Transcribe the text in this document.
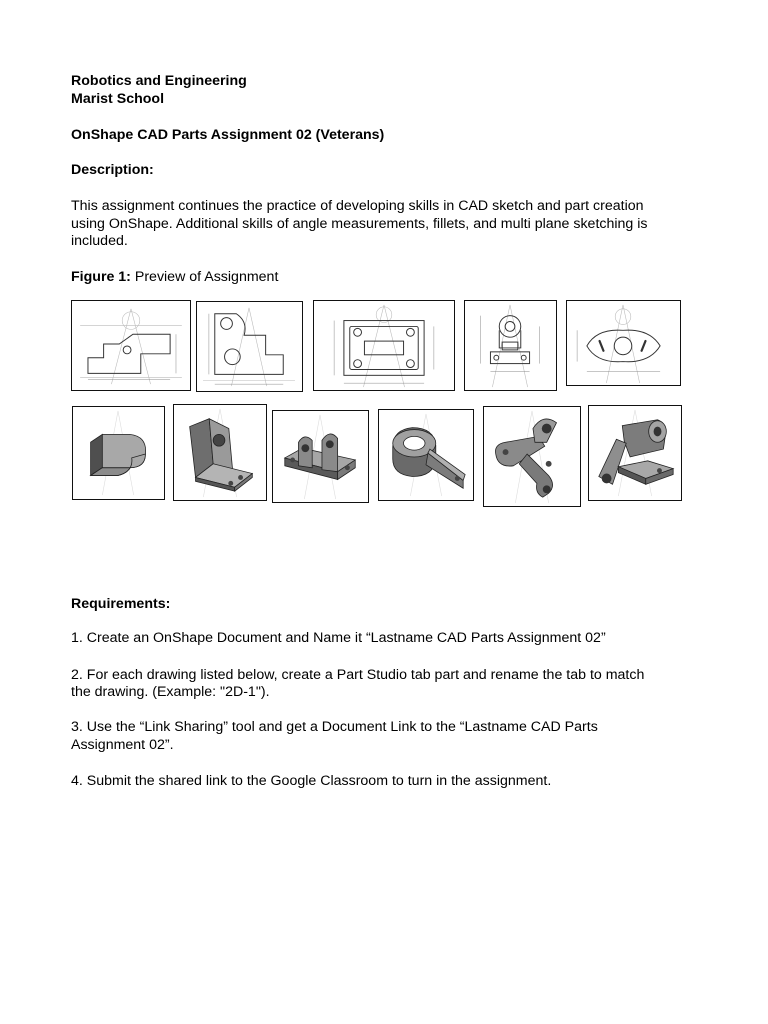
Robotics and Engineering
Marist School
OnShape CAD Parts Assignment 02 (Veterans)
Description:
This assignment continues the practice of developing skills in CAD sketch and part creation
using OnShape. Additional skills of angle measurements, fillets, and multi plane sketching is
included.
Figure 1: Preview of Assignment
Requirements:
1. Create an OnShape Document and Name it “Lastname CAD Parts Assignment 02”
2. For each drawing listed below, create a Part Studio tab part and rename the tab to match
the drawing. (Example: "2D-1").
3. Use the “Link Sharing” tool and get a Document Link to the “Lastname CAD Parts
Assignment 02”.
4. Submit the shared link to the Google Classroom to turn in the assignment.
